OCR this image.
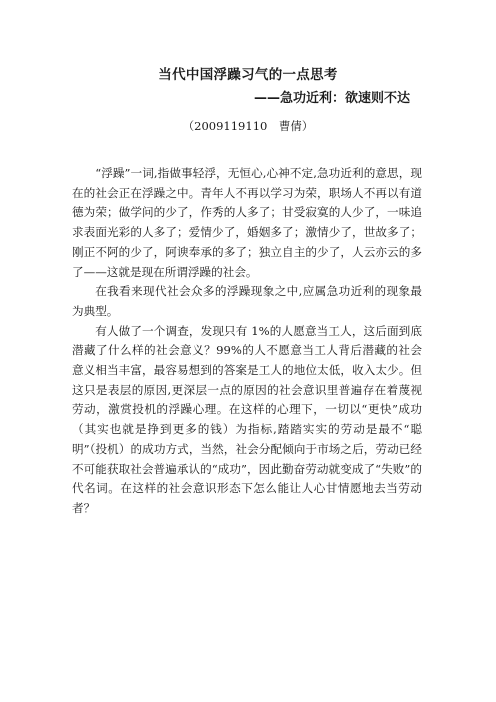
当代中国浮躁习气的一点思考
——急功近利：欲速则不达
（2009119110　曹倩）

“浮躁”一词,指做事轻浮，无恒心,心神不定,急功近利的意思，现在的社会正在浮躁之中。青年人不再以学习为荣，职场人不再以有道德为荣；做学问的少了，作秀的人多了；甘受寂寞的人少了，一味追求表面光彩的人多了；爱情少了，婚姻多了；激情少了，世故多了；刚正不阿的少了，阿谀奉承的多了；独立自主的少了，人云亦云的多了——这就是现在所谓浮躁的社会。

在我看来现代社会众多的浮躁现象之中,应属急功近利的现象最为典型。

有人做了一个调查，发现只有 1%的人愿意当工人，这后面到底潜藏了什么样的社会意义？99%的人不愿意当工人背后潜藏的社会意义相当丰富，最容易想到的答案是工人的地位太低，收入太少。但这只是表层的原因,更深层一点的原因的社会意识里普遍存在着蔑视劳动，激赏投机的浮躁心理。在这样的心理下，一切以“更快”成功（其实也就是挣到更多的钱）为指标,踏踏实实的劳动是最不“聪明”（投机）的成功方式，当然，社会分配倾向于市场之后，劳动已经不可能获取社会普遍承认的“成功”，因此勤奋劳动就变成了“失败”的代名词。在这样的社会意识形态下怎么能让人心甘情愿地去当劳动者？
